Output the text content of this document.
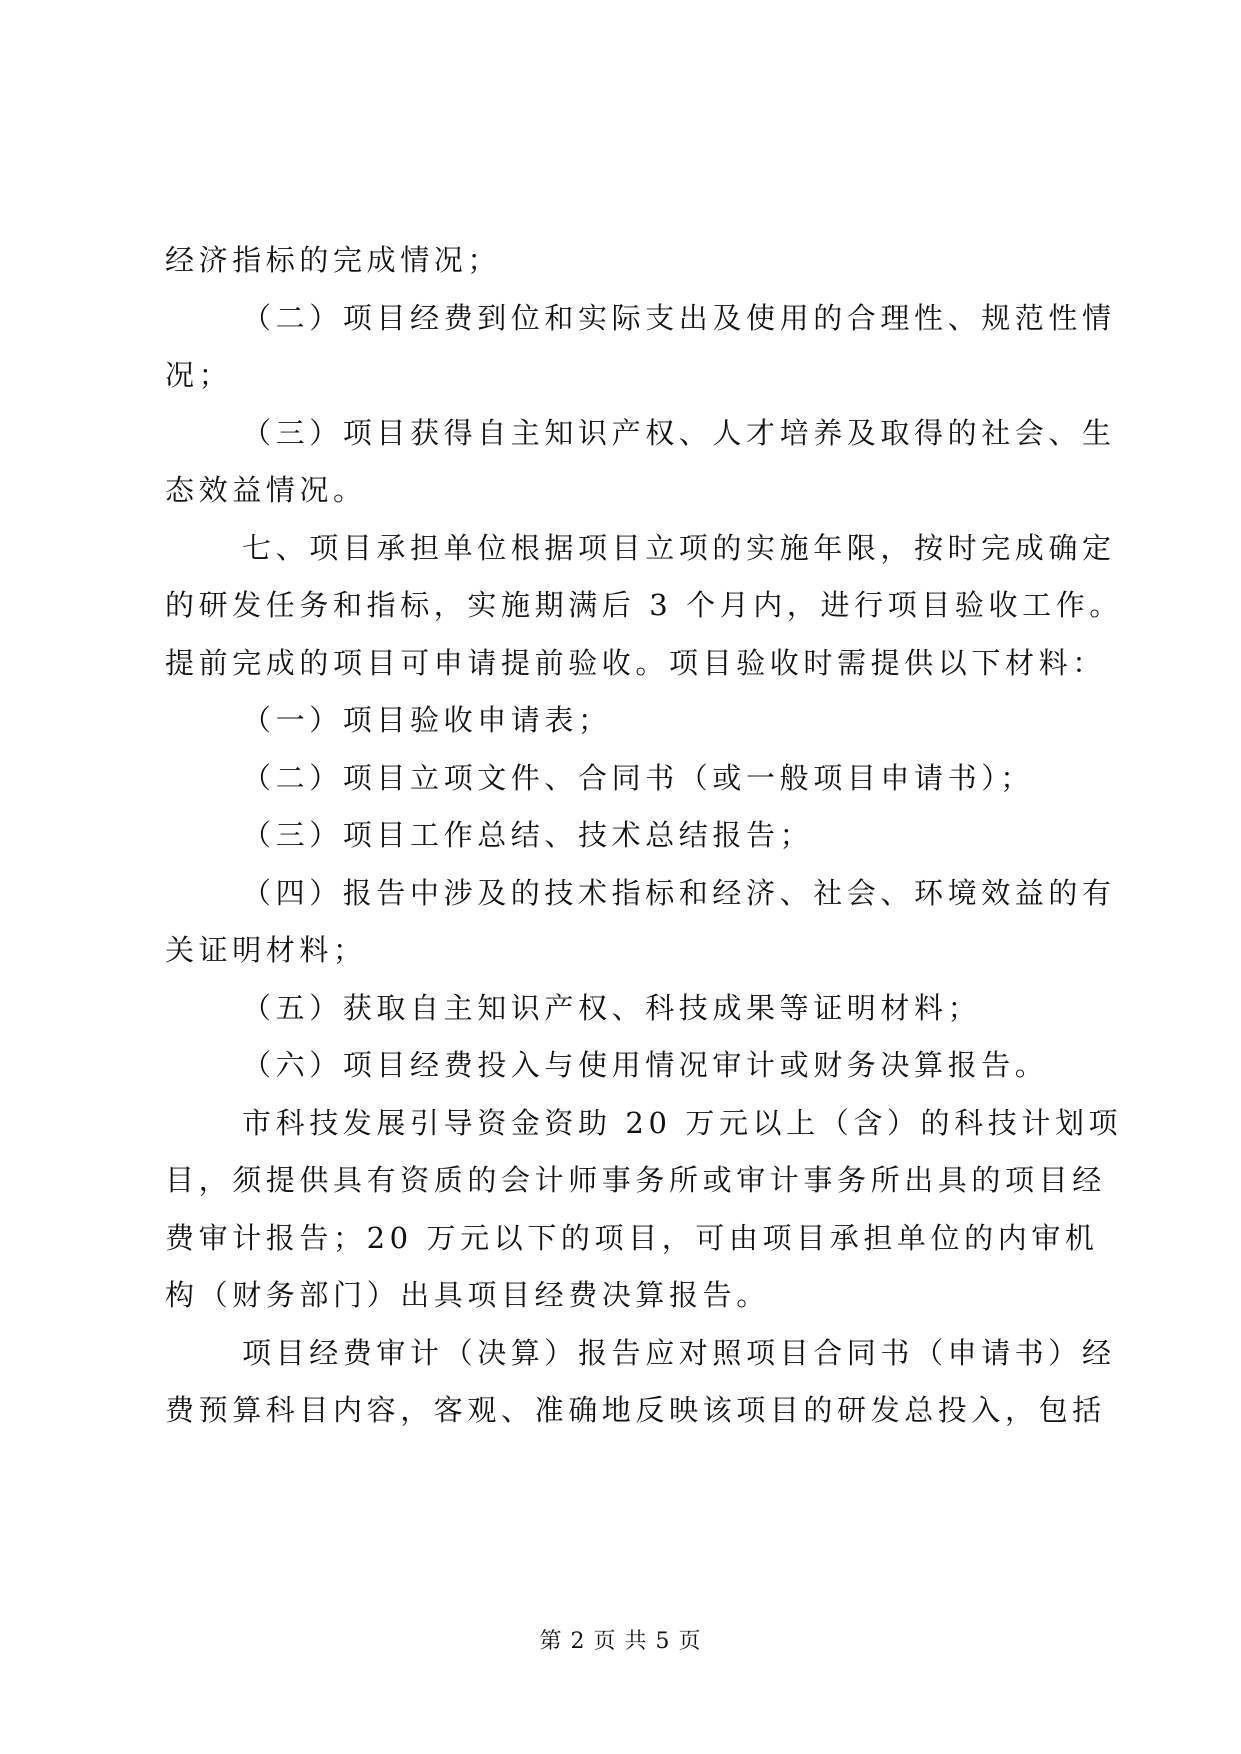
经济指标的完成情况；
（二）项目经费到位和实际支出及使用的合理性、规范性情
况；
（三）项目获得自主知识产权、人才培养及取得的社会、生
态效益情况。
七、项目承担单位根据项目立项的实施年限，按时完成确定
的研发任务和指标，实施期满后 3 个月内，进行项目验收工作。
提前完成的项目可申请提前验收。项目验收时需提供以下材料：
（一）项目验收申请表；
（二）项目立项文件、合同书（或一般项目申请书）；
（三）项目工作总结、技术总结报告；
（四）报告中涉及的技术指标和经济、社会、环境效益的有
关证明材料；
（五）获取自主知识产权、科技成果等证明材料；
（六）项目经费投入与使用情况审计或财务决算报告。
市科技发展引导资金资助 20 万元以上（含）的科技计划项
目，须提供具有资质的会计师事务所或审计事务所出具的项目经
费审计报告；20 万元以下的项目，可由项目承担单位的内审机
构（财务部门）出具项目经费决算报告。
项目经费审计（决算）报告应对照项目合同书（申请书）经
费预算科目内容，客观、准确地反映该项目的研发总投入，包括
第 2 页 共 5 页
